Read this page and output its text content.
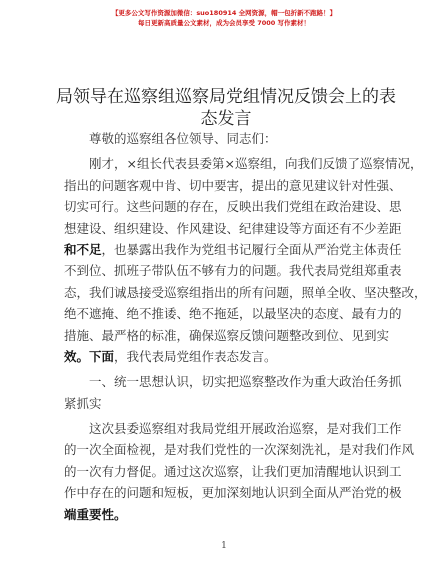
【更多公文写作资源加微信：suo180914 全网资源，帽一包折新不跑路！】
每日更新高质量公文素材，成为会员享受 7000 写作素材！
局领导在巡察组巡察局党组情况反馈会上的表
态发言
尊敬的巡察组各位领导、同志们：
刚才，×组长代表县委第×巡察组，向我们反馈了巡察情况，
指出的问题客观中肯、切中要害，提出的意见建议针对性强、
切实可行。这些问题的存在，反映出我们党组在政治建设、思
想建设、组织建设、作风建设、纪律建设等方面还有不少差距
和不足，也暴露出我作为党组书记履行全面从严治党主体责任
不到位、抓班子带队伍不够有力的问题。我代表局党组郑重表
态，我们诚恳接受巡察组指出的所有问题，照单全收、坚决整改，
绝不遮掩、绝不推诿、绝不拖延，以最坚决的态度、最有力的
措施、最严格的标准，确保巡察反馈问题整改到位、见到实
效。下面，我代表局党组作表态发言。
一、统一思想认识，切实把巡察整改作为重大政治任务抓
紧抓实
这次县委巡察组对我局党组开展政治巡察，是对我们工作
的一次全面检视，是对我们党性的一次深刻洗礼，是对我们作风
的一次有力督促。通过这次巡察，让我们更加清醒地认识到工
作中存在的问题和短板，更加深刻地认识到全面从严治党的极
端重要性。
1
